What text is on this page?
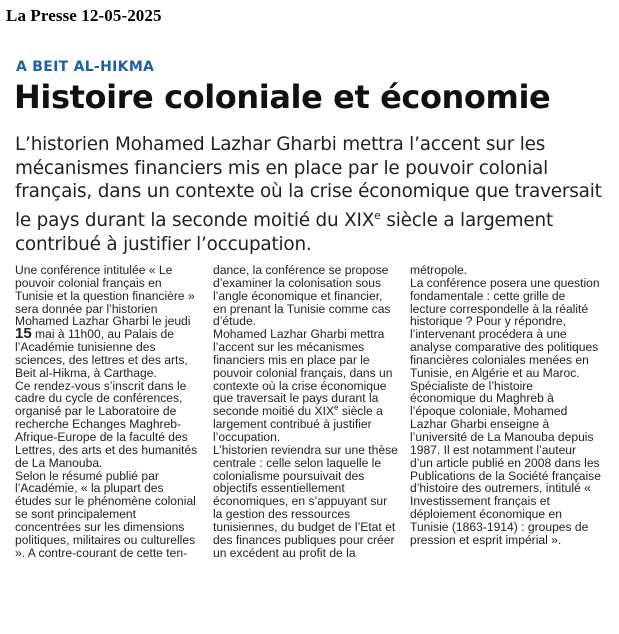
La Presse 12-05-2025
A BEIT AL-HIKMA
Histoire coloniale et économie

L’historien Mohamed Lazhar Gharbi mettra l’accent sur les mécanismes financiers mis en place par le pouvoir colonial français, dans un contexte où la crise économique que traversait le pays durant la seconde moitié du XIXe siècle a largement contribué à justifier l’occupation.

Une conférence intitulée « Le pouvoir colonial français en Tunisie et la question financière » sera donnée par l’historien Mohamed Lazhar Gharbi le jeudi 15 mai à 11h00, au Palais de l’Académie tunisienne des sciences, des lettres et des arts, Beit al-Hikma, à Carthage.

Ce rendez-vous s’inscrit dans le cadre du cycle de conférences, organisé par le Laboratoire de recherche Echanges Maghreb-Afrique-Europe de la faculté des Lettres, des arts et des humanités de La Manouba.

Selon le résumé publié par l’Académie, « la plupart des études sur le phénomène colonial se sont principalement concentrées sur les dimensions politiques, militaires ou culturelles ». A contre-courant de cette ten-

dance, la conférence se propose d’examiner la colonisation sous l’angle économique et financier, en prenant la Tunisie comme cas d’étude.

Mohamed Lazhar Gharbi mettra l’accent sur les mécanismes financiers mis en place par le pouvoir colonial français, dans un contexte où la crise économique que traversait le pays durant la seconde moitié du XIXe siècle a largement contribué à justifier l’occupation.

L’historien reviendra sur une thèse centrale : celle selon laquelle le colonialisme poursuivait des objectifs essentiellement économiques, en s’appuyant sur la gestion des ressources tunisiennes, du budget de l’Etat et des finances publiques pour créer un excédent au profit de la

métropole.

La conférence posera une question fondamentale : cette grille de lecture correspondelle à la réalité historique ? Pour y répondre, l’intervenant procédera à une analyse comparative des politiques financières coloniales menées en Tunisie, en Algérie et au Maroc.

Spécialiste de l’histoire économique du Maghreb à l’époque coloniale, Mohamed Lazhar Gharbi enseigne à l’université de La Manouba depuis 1987. Il est notamment l’auteur d’un article publié en 2008 dans les Publications de la Société française d’histoire des outremers, intitulé « Investissement français et déploiement économique en Tunisie (1863-1914) : groupes de pression et esprit impérial ».
